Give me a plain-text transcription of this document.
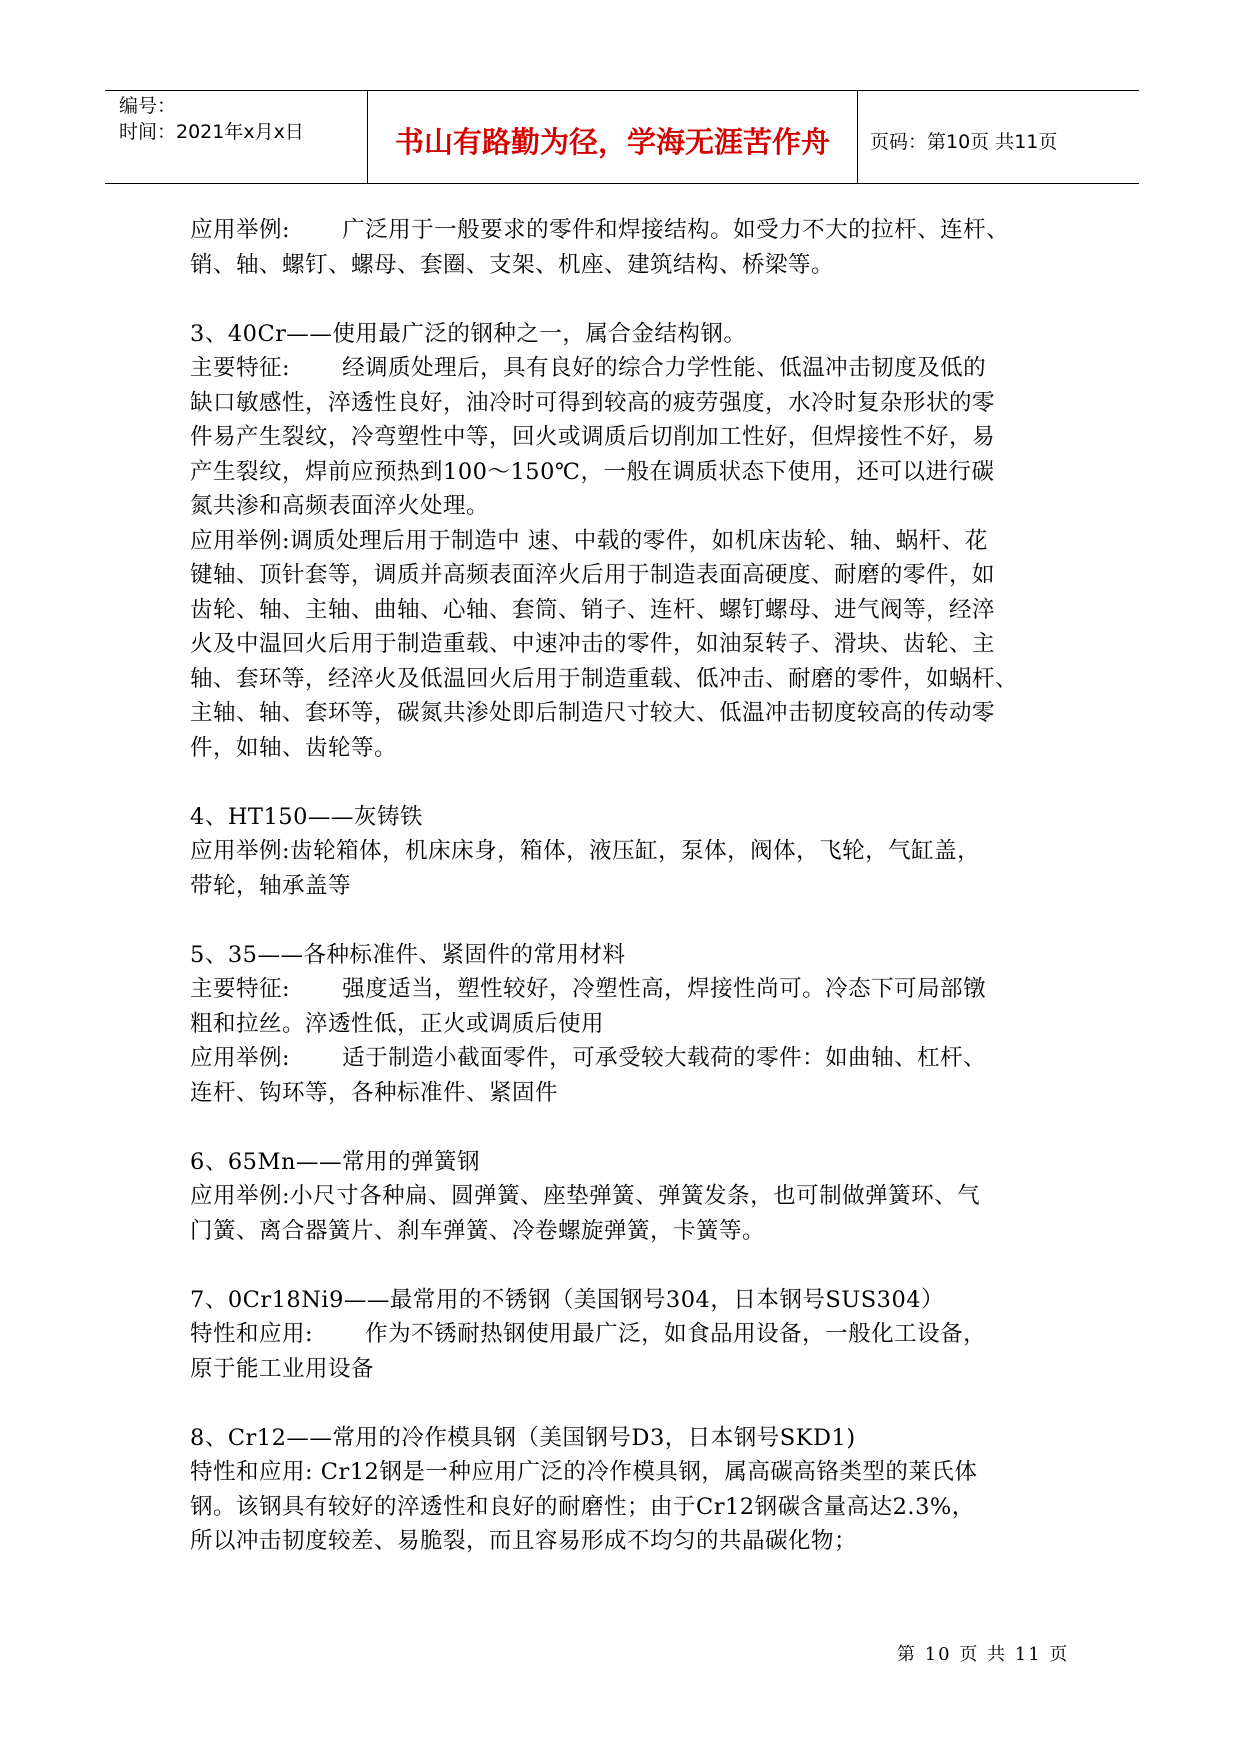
编号：
时间：2021年x月x日	书山有路勤为径，学海无涯苦作舟	页码：第10页 共11页

应用举例: 广泛用于一般要求的零件和焊接结构。如受力不大的拉杆、连杆、

销、轴、螺钉、螺母、套圈、支架、机座、建筑结构、桥梁等。

3、40Cr——使用最广泛的钢种之一，属合金结构钢。

主要特征: 经调质处理后，具有良好的综合力学性能、低温冲击韧度及低的

缺口敏感性，淬透性良好，油冷时可得到较高的疲劳强度，水冷时复杂形状的零

件易产生裂纹，冷弯塑性中等，回火或调质后切削加工性好，但焊接性不好，易

产生裂纹，焊前应预热到100～150℃，一般在调质状态下使用，还可以进行碳

氮共渗和高频表面淬火处理。

应用举例:调质处理后用于制造中 速、中载的零件，如机床齿轮、轴、蜗杆、花

键轴、顶针套等，调质并高频表面淬火后用于制造表面高硬度、耐磨的零件，如

齿轮、轴、主轴、曲轴、心轴、套筒、销子、连杆、螺钉螺母、进气阀等，经淬

火及中温回火后用于制造重载、中速冲击的零件，如油泵转子、滑块、齿轮、主

轴、套环等，经淬火及低温回火后用于制造重载、低冲击、耐磨的零件，如蜗杆、

主轴、轴、套环等，碳氮共渗处即后制造尺寸较大、低温冲击韧度较高的传动零

件，如轴、齿轮等。

4、HT150——灰铸铁

应用举例:齿轮箱体，机床床身，箱体，液压缸，泵体，阀体，飞轮，气缸盖，

带轮，轴承盖等

5、35——各种标准件、紧固件的常用材料

主要特征: 强度适当，塑性较好，冷塑性高，焊接性尚可。冷态下可局部镦

粗和拉丝。淬透性低，正火或调质后使用

应用举例: 适于制造小截面零件，可承受较大载荷的零件：如曲轴、杠杆、

连杆、钩环等，各种标准件、紧固件

6、65Mn——常用的弹簧钢

应用举例:小尺寸各种扁、圆弹簧、座垫弹簧、弹簧发条，也可制做弹簧环、气

门簧、离合器簧片、刹车弹簧、冷卷螺旋弹簧，卡簧等。

7、0Cr18Ni9——最常用的不锈钢（美国钢号304，日本钢号SUS304）

特性和应用: 作为不锈耐热钢使用最广泛，如食品用设备，一般化工设备，

原于能工业用设备

8、Cr12——常用的冷作模具钢（美国钢号D3，日本钢号SKD1)

特性和应用: Cr12钢是一种应用广泛的冷作模具钢，属高碳高铬类型的莱氏体

钢。该钢具有较好的淬透性和良好的耐磨性；由于Cr12钢碳含量高达2.3%，

所以冲击韧度较差、易脆裂，而且容易形成不均匀的共晶碳化物；

第 10 页 共 11 页
